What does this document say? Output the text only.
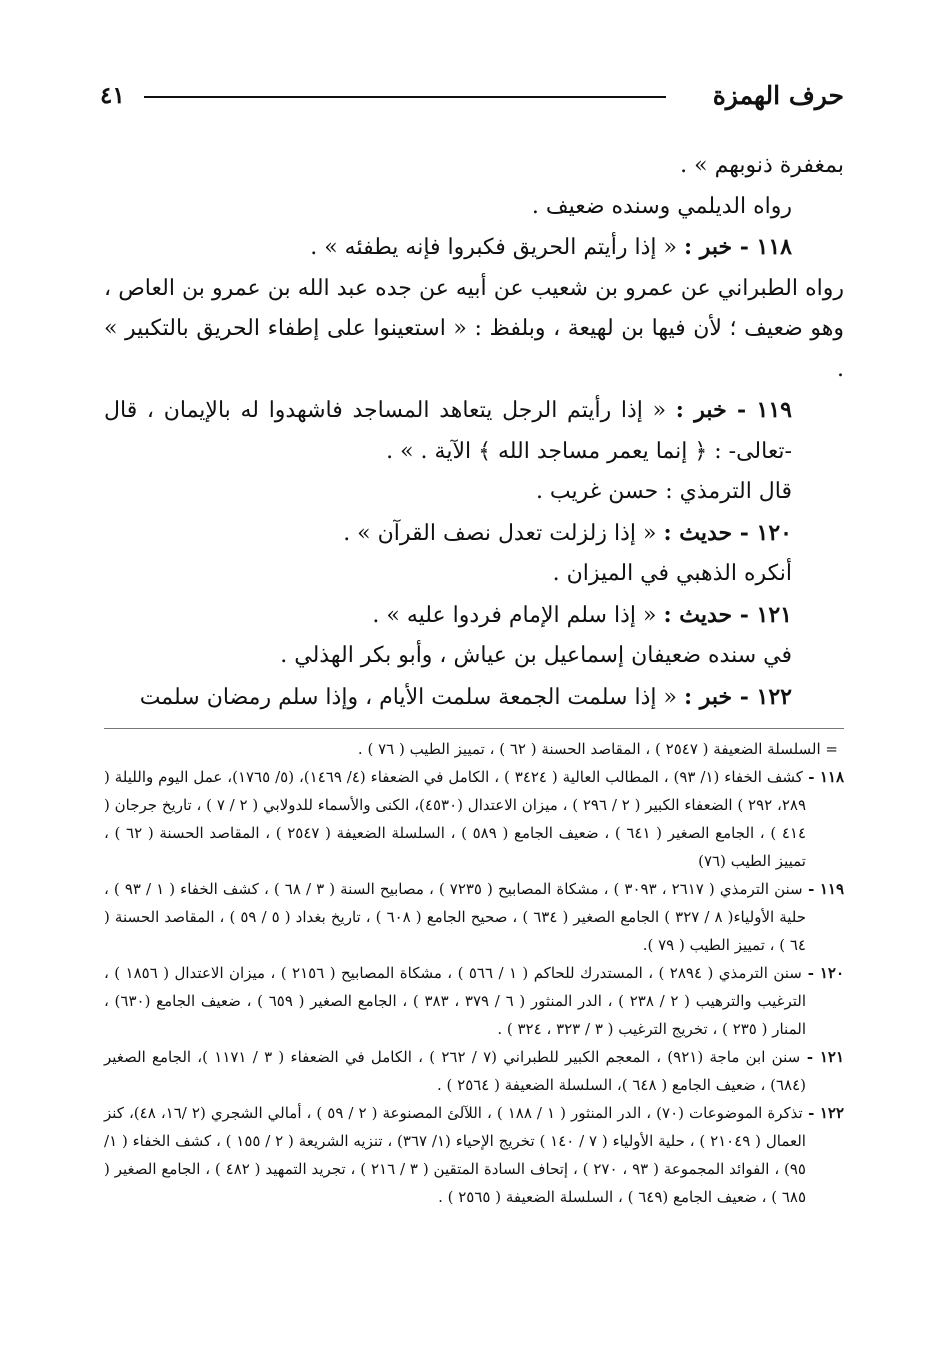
٤١	حرف الهمزة

بمغفرة ذنوبهم » .

رواه الديلمي وسنده ضعيف .

١١٨ - خبر : « إذا رأيتم الحريق فكبروا فإنه يطفئه » .

رواه الطبراني عن عمرو بن شعيب عن أبيه عن جده عبد الله بن عمرو بن العاص ، وهو ضعيف ؛ لأن فيها بن لهيعة ، وبلفظ : « استعينوا على إطفاء الحريق بالتكبير » .

١١٩ - خبر : « إذا رأيتم الرجل يتعاهد المساجد فاشهدوا له بالإيمان ، قال -تعالى- : ﴿ إنما يعمر مساجد الله ﴾ الآية . » .

قال الترمذي : حسن غريب .

١٢٠ - حديث : « إذا زلزلت تعدل نصف القرآن » .

أنكره الذهبي في الميزان .

١٢١ - حديث : « إذا سلم الإمام فردوا عليه » .

في سنده ضعيفان إسماعيل بن عياش ، وأبو بكر الهذلي .

١٢٢ - خبر : « إذا سلمت الجمعة سلمت الأيام ، وإذا سلم رمضان سلمت

= السلسلة الضعيفة ( ٢٥٤٧ ) ، المقاصد الحسنة ( ٦٢ ) ، تمييز الطيب ( ٧٦ ) .

١١٨ - كشف الخفاء (١/ ٩٣) ، المطالب العالية ( ٣٤٢٤ ) ، الكامل في الضعفاء (٤/ ١٤٦٩)، (٥/ ١٧٦٥)، عمل اليوم والليلة ( ٢٨٩، ٢٩٢ ) الضعفاء الكبير ( ٢ / ٢٩٦ ) ، ميزان الاعتدال (٤٥٣٠)، الكنى والأسماء للدولابي ( ٢ / ٧ ) ، تاريخ جرجان ( ٤١٤ ) ، الجامع الصغير ( ٦٤١ ) ، ضعيف الجامع ( ٥٨٩ ) ، السلسلة الضعيفة ( ٢٥٤٧ ) ، المقاصد الحسنة ( ٦٢ ) ، تمييز الطيب (٧٦)

١١٩ - سنن الترمذي ( ٢٦١٧ ، ٣٠٩٣ ) ، مشكاة المصابيح ( ٧٢٣٥ ) ، مصابيح السنة ( ٣ / ٦٨ ) ، كشف الخفاء ( ١ / ٩٣ ) ، حلية الأولياء( ٨ / ٣٢٧ ) الجامع الصغير ( ٦٣٤ ) ، صحيح الجامع ( ٦٠٨ ) ، تاريخ بغداد ( ٥ / ٥٩ ) ، المقاصد الحسنة ( ٦٤ ) ، تمييز الطيب ( ٧٩ ).

١٢٠ - سنن الترمذي ( ٢٨٩٤ ) ، المستدرك للحاكم ( ١ / ٥٦٦ ) ، مشكاة المصابيح ( ٢١٥٦ ) ، ميزان الاعتدال ( ١٨٥٦ ) ، الترغيب والترهيب ( ٢ / ٢٣٨ ) ، الدر المنثور ( ٦ / ٣٧٩ ، ٣٨٣ ) ، الجامع الصغير ( ٦٥٩ ) ، ضعيف الجامع (٦٣٠) ، المنار ( ٢٣٥ ) ، تخريج الترغيب ( ٣ / ٣٢٣ ، ٣٢٤ ) .

١٢١ - سنن ابن ماجة (٩٢١) ، المعجم الكبير للطبراني (٧ / ٢٦٢ ) ، الكامل في الضعفاء ( ٣ / ١١٧١ )، الجامع الصغير (٦٨٤) ، ضعيف الجامع ( ٦٤٨ )، السلسلة الضعيفة ( ٢٥٦٤ ) .

١٢٢ - تذكرة الموضوعات (٧٠) ، الدر المنثور ( ١ / ١٨٨ ) ، اللآلئ المصنوعة ( ٢ / ٥٩ ) ، أمالي الشجري (٢ /١٦، ٤٨)، كنز العمال ( ٢١٠٤٩ ) ، حلية الأولياء ( ٧ / ١٤٠ ) تخريج الإحياء (١/ ٣٦٧) ، تنزيه الشريعة ( ٢ / ١٥٥ ) ، كشف الخفاء ( ١/ ٩٥) ، الفوائد المجموعة ( ٩٣ ، ٢٧٠ ) ، إتحاف السادة المتقين ( ٣ / ٢١٦ ) ، تجريد التمهيد ( ٤٨٢ ) ، الجامع الصغير ( ٦٨٥ ) ، ضعيف الجامع (٦٤٩ ) ، السلسلة الضعيفة ( ٢٥٦٥ ) .
